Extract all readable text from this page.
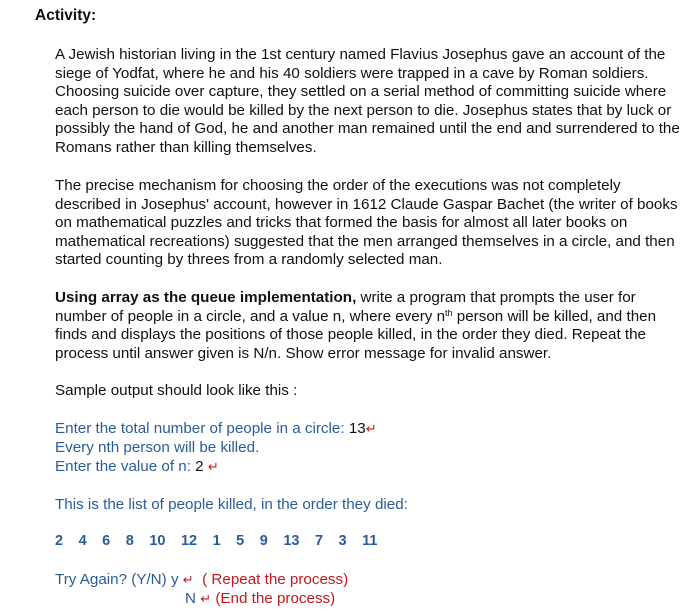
Activity:

A Jewish historian living in the 1st century named Flavius Josephus gave an account of the siege of Yodfat, where he and his 40 soldiers were trapped in a cave by Roman soldiers. Choosing suicide over capture, they settled on a serial method of committing suicide where each person to die would be killed by the next person to die. Josephus states that by luck or possibly the hand of God, he and another man remained until the end and surrendered to the Romans rather than killing themselves.

The precise mechanism for choosing the order of the executions was not completely described in Josephus' account, however in 1612 Claude Gaspar Bachet (the writer of books on mathematical puzzles and tricks that formed the basis for almost all later books on mathematical recreations) suggested that the men arranged themselves in a circle, and then started counting by threes from a randomly selected man.

Using array as the queue implementation, write a program that prompts the user for number of people in a circle, and a value n, where every $n^{th}$ person will be killed, and then finds and displays the positions of those people killed, in the order they died. Repeat the process until answer given is N/n. Show error message for invalid answer.

Sample output should look like this :

Enter the total number of people in a circle: 13↵
Every nth person will be killed.
Enter the value of n: 2 ↵
This is the list of people killed, in the order they died:
2 4 6 8 10 12 1 5 9 13 7 3 11
Try Again? (Y/N) y ↵ ( Repeat the process)
N ↵ (End the process)
